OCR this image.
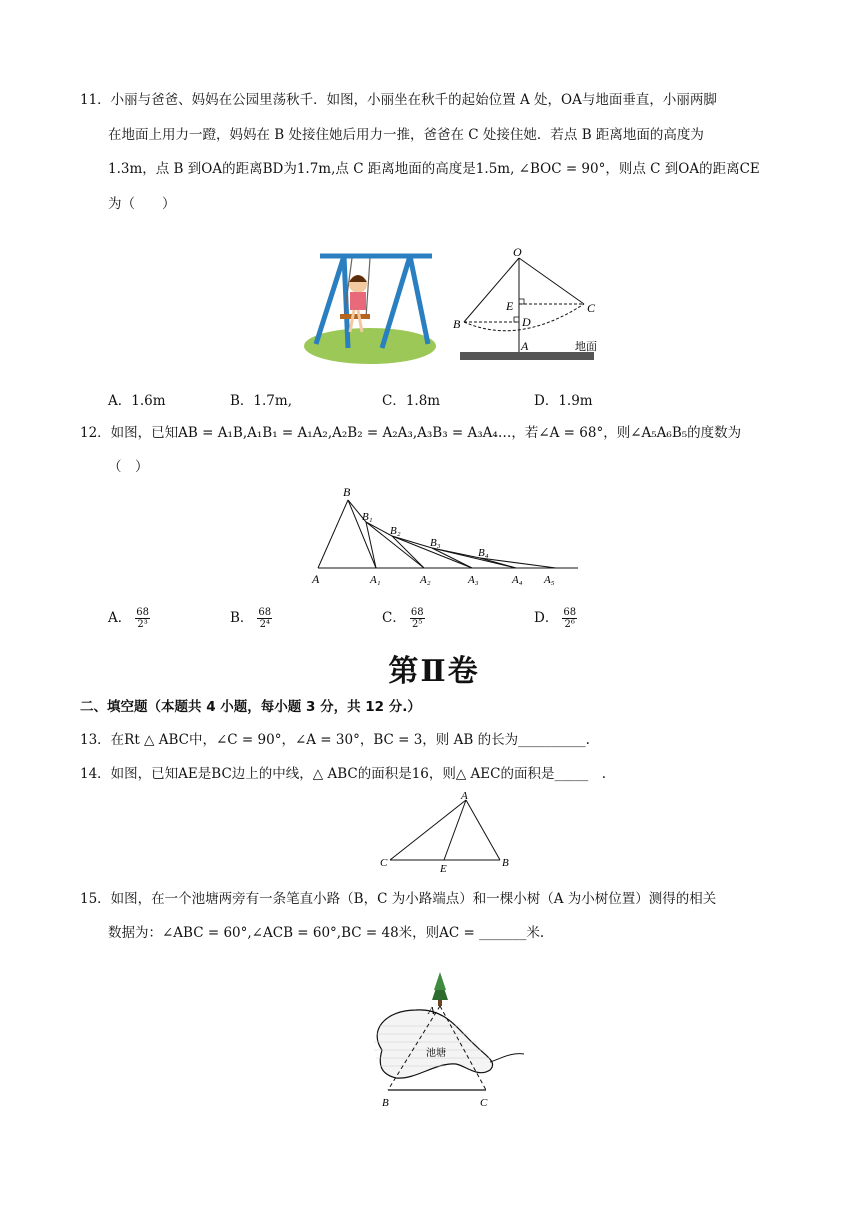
11．小丽与爸爸、妈妈在公园里荡秋千．如图，小丽坐在秋千的起始位置 A 处，OA与地面垂直，小丽两脚
在地面上用力一蹬，妈妈在 B 处接住她后用力一推，爸爸在 C 处接住她．若点 B 距离地面的高度为
1.3m，点 B 到OA的距离BD为1.7m,点 C 距离地面的高度是1.5m, ∠BOC = 90°，则点 C 到OA的距离CE
为（　　）
O
E	C
B	D
A	地面
A．1.6m	B．1.7m,	C．1.8m	D．1.9m
12．如图，已知AB = A₁B,A₁B₁ = A₁A₂,A₂B₂ = A₂A₃,A₃B₃ = A₃A₄…，若∠A = 68°，则∠A₅A₆B₅的度数为
（　）
B
B₁
B₂
B₃
B₄
A	A₁	A₂	A₃	A₄ A₅
A． $\frac{68}{\text{2³}}$	B． $\frac{68}{\text{2⁴}}$	C． $\frac{68}{\text{2⁵}}$	D． $\frac{68}{\text{2⁶}}$
第Ⅱ卷
二、填空题（本题共 4 小题，每小题 3 分，共 12 分.）
13．在Rt △ ABC中，∠C = 90°，∠A = 30°，BC = 3，则 AB 的长为__________.
14．如图，已知AE是BC边上的中线，△ ABC的面积是16，则△ AEC的面积是_____　.
A
C	E	B
15．如图，在一个池塘两旁有一条笔直小路（B，C 为小路端点）和一棵小树（A 为小树位置）测得的相关
数据为：∠ABC = 60°,∠ACB = 60°,BC = 48米，则AC = _______米.
A
池塘
B	C
